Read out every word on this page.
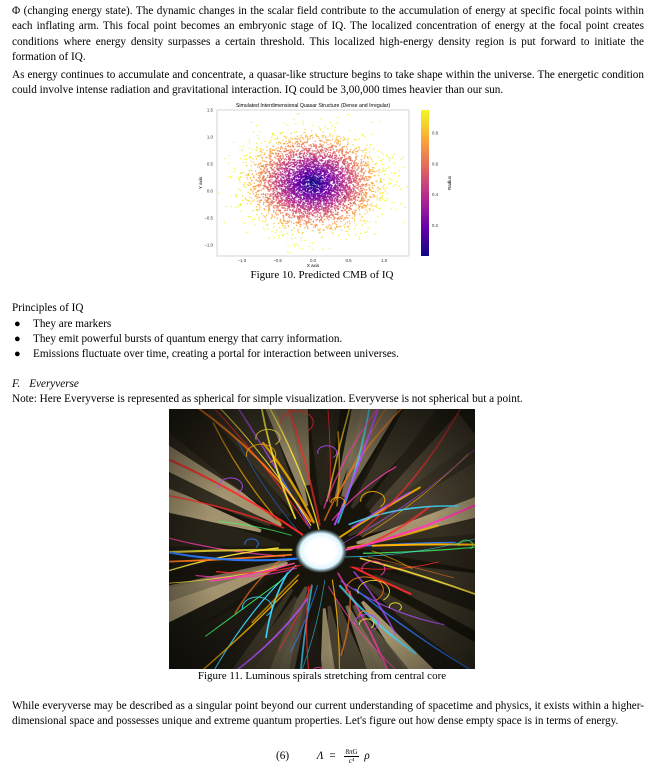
Φ (changing energy state). The dynamic changes in the scalar field contribute to the accumulation of energy at specific focal points within each inflating arm. This focal point becomes an embryonic stage of IQ. The localized concentration of energy at the focal point creates conditions where energy density surpasses a certain threshold. This localized high-energy density region is put forward to initiate the formation of IQ.

As energy continues to accumulate and concentrate, a quasar-like structure begins to take shape within the universe. The energetic condition could involve intense radiation and gravitational interaction. IQ could be 3,00,000 times heavier than our sun.

Simulated Interdimensional Quasar Structure (Dense and Irregular)
1.5
1.0
0.5
0.0
−0.5
−1.0
−1.0	−0.5	0.0	0.5	1.0
Y axis
X axis
0.8
0.6
0.4
0.2
Radius
Figure 10. Predicted CMB of IQ
Principles of IQ
● They are markers
● They emit powerful bursts of quantum energy that carry information.
● Emissions fluctuate over time, creating a portal for interaction between universes.
F. Everyverse
Note: Here Everyverse is represented as spherical for simple visualization. Everyverse is not spherical but a point.
Figure 11. Luminous spirals stretching from central core

While everyverse may be described as a singular point beyond our current understanding of spacetime and physics, it exists within a higher-dimensional space and possesses unique and extreme quantum properties. Let's figure out how dense empty space is in terms of energy.

(6) $\Lambda = \frac{8\pi G}{\text{c⁴}}$ ρ
